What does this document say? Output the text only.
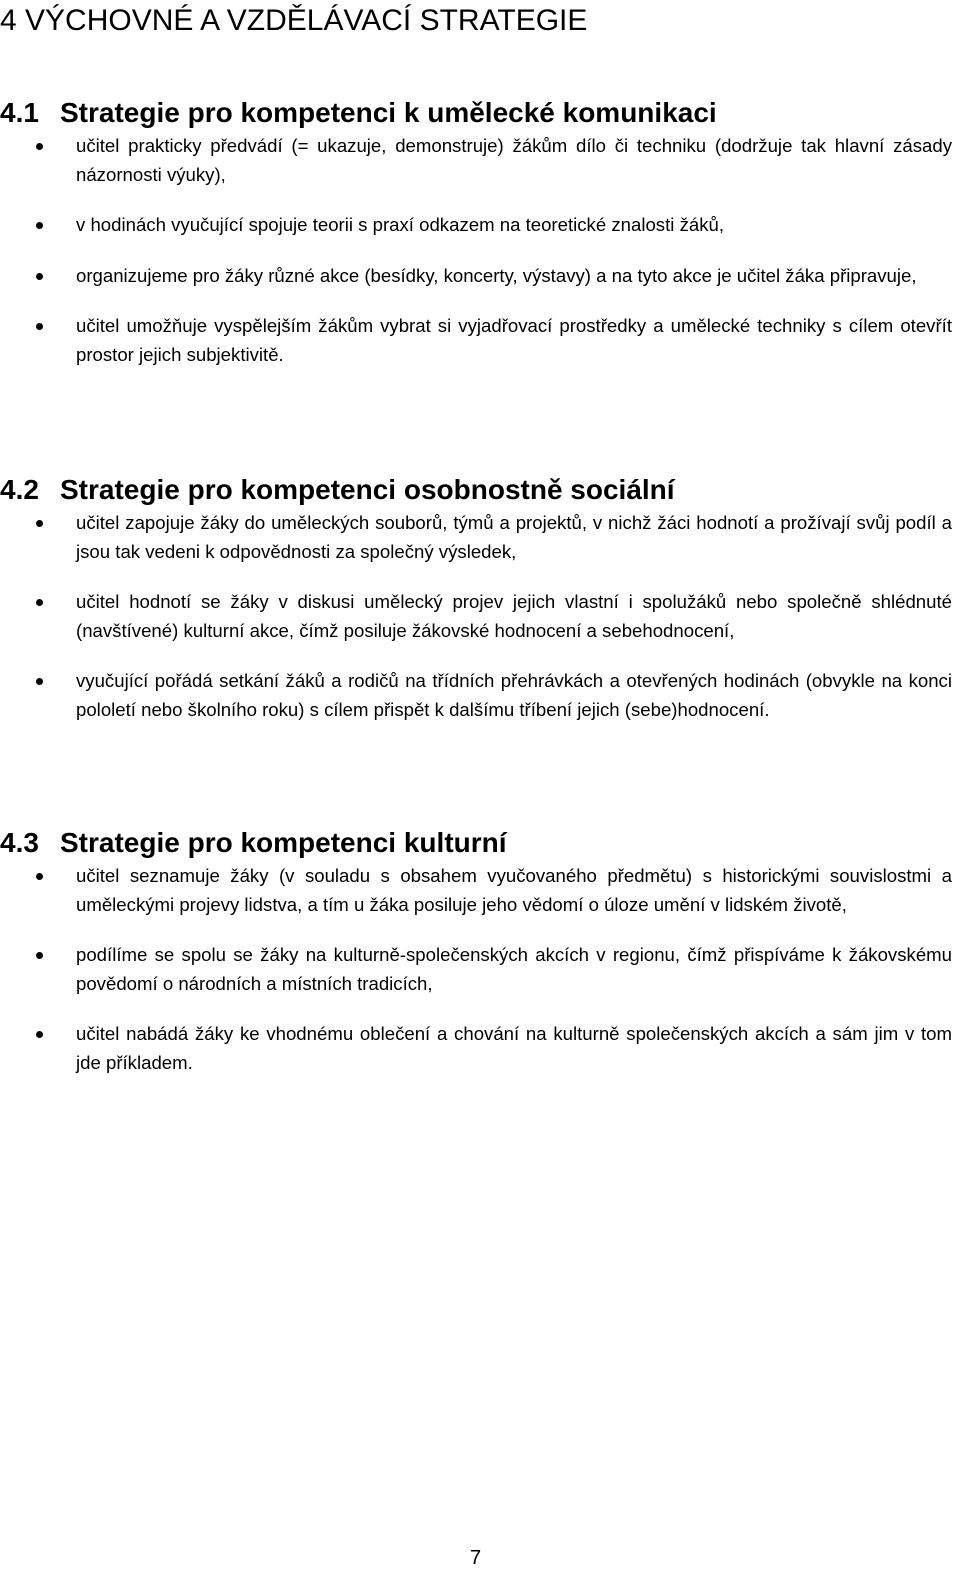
4 VÝCHOVNÉ A VZDĚLÁVACÍ STRATEGIE
4.1 Strategie pro kompetenci k umělecké komunikaci
učitel prakticky předvádí (= ukazuje, demonstruje) žákům dílo či techniku (dodržuje tak hlavní zásady názornosti výuky),
v hodinách vyučující spojuje teorii s praxí odkazem na teoretické znalosti žáků,
organizujeme pro žáky různé akce (besídky, koncerty, výstavy) a na tyto akce je učitel žáka připravuje,
učitel umožňuje vyspělejším žákům vybrat si vyjadřovací prostředky a umělecké techniky s cílem otevřít prostor jejich subjektivitě.
4.2 Strategie pro kompetenci osobnostně sociální
učitel zapojuje žáky do uměleckých souborů, týmů a projektů, v nichž žáci hodnotí a prožívají svůj podíl a jsou tak vedeni k odpovědnosti za společný výsledek,
učitel hodnotí se žáky v diskusi umělecký projev jejich vlastní i spolužáků nebo společně shlédnuté (navštívené) kulturní akce, čímž posiluje žákovské hodnocení a sebehodnocení,
vyučující pořádá setkání žáků a rodičů na třídních přehrávkách a otevřených hodinách (obvykle na konci pololetí nebo školního roku) s cílem přispět k dalšímu tříbení jejich (sebe)hodnocení.
4.3 Strategie pro kompetenci kulturní
učitel seznamuje žáky (v souladu s obsahem vyučovaného předmětu) s historickými souvislostmi a uměleckými projevy lidstva, a tím u žáka posiluje jeho vědomí o úloze umění v lidském životě,
podílíme se spolu se žáky na kulturně-společenských akcích v regionu, čímž přispíváme k žákovskému povědomí o národních a místních tradicích,
učitel nabádá žáky ke vhodnému oblečení a chování na kulturně společenských akcích a sám jim v tom jde příkladem.
7
